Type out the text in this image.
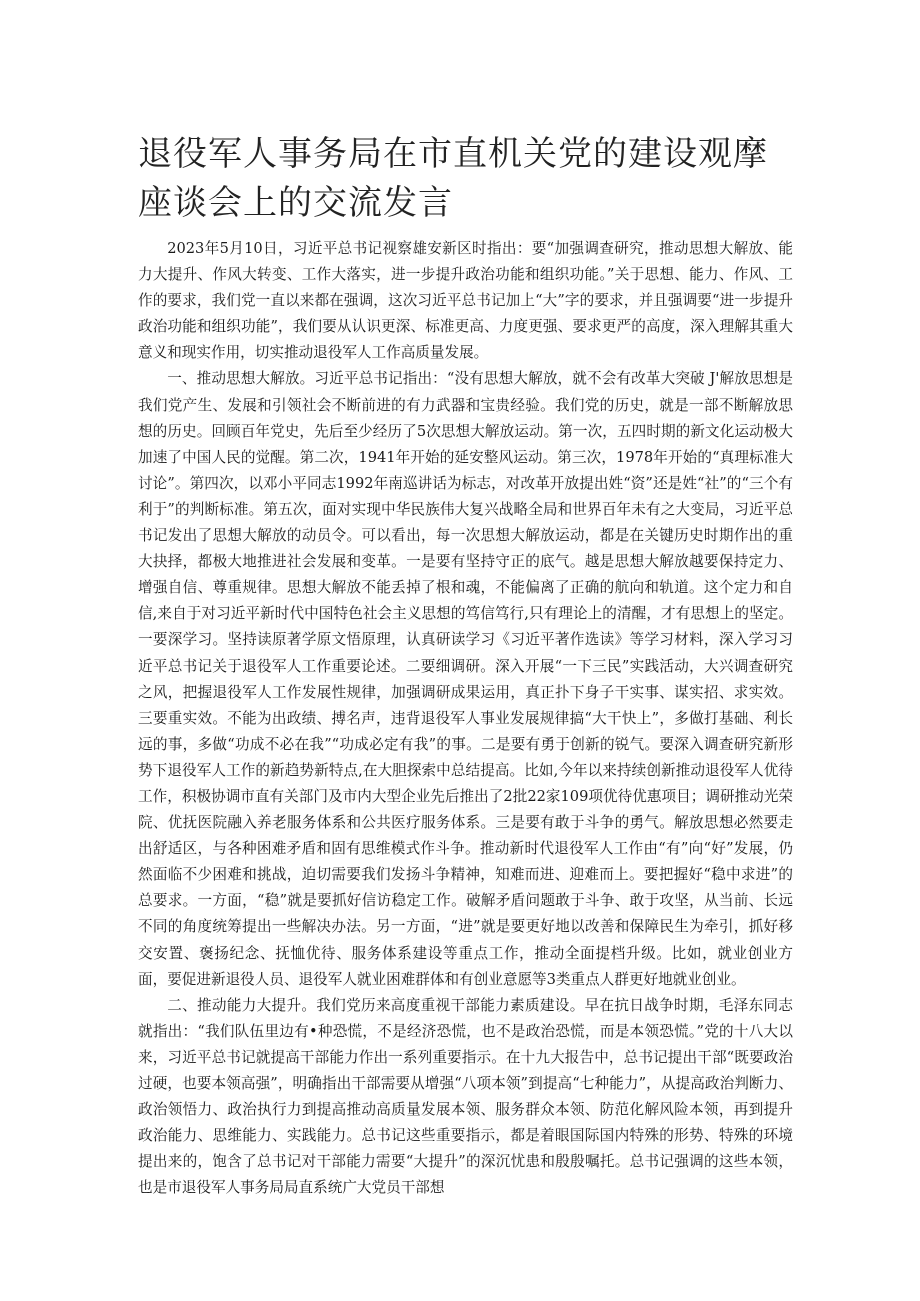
退役军人事务局在市直机关党的建设观摩座谈会上的交流发言

2023年5月10日，习近平总书记视察雄安新区时指出：要“加强调查研究，推动思想大解放、能力大提升、作风大转变、工作大落实，进一步提升政治功能和组织功能。”关于思想、能力、作风、工作的要求，我们党一直以来都在强调，这次习近平总书记加上“大”字的要求，并且强调要“进一步提升政治功能和组织功能”，我们要从认识更深、标准更高、力度更强、要求更严的高度，深入理解其重大意义和现实作用，切实推动退役军人工作高质量发展。

一、推动思想大解放。习近平总书记指出：“没有思想大解放，就不会有改革大突破 J'解放思想是我们党产生、发展和引领社会不断前进的有力武器和宝贵经验。我们党的历史，就是一部不断解放思想的历史。回顾百年党史，先后至少经历了5次思想大解放运动。第一次，五四时期的新文化运动极大加速了中国人民的觉醒。第二次，1941年开始的延安整风运动。第三次，1978年开始的“真理标准大讨论”。第四次，以邓小平同志1992年南巡讲话为标志，对改革开放提出姓“资”还是姓“社”的“三个有利于”的判断标准。第五次，面对实现中华民族伟大复兴战略全局和世界百年未有之大变局，习近平总书记发出了思想大解放的动员令。可以看出，每一次思想大解放运动，都是在关键历史时期作出的重大抉择，都极大地推进社会发展和变革。一是要有坚持守正的底气。越是思想大解放越要保持定力、增强自信、尊重规律。思想大解放不能丢掉了根和魂，不能偏离了正确的航向和轨道。这个定力和自信,来自于对习近平新时代中国特色社会主义思想的笃信笃行,只有理论上的清醒，才有思想上的坚定。一要深学习。坚持读原著学原文悟原理，认真研读学习《习近平著作选读》等学习材料，深入学习习近平总书记关于退役军人工作重要论述。二要细调研。深入开展“一下三民”实践活动，大兴调查研究之风，把握退役军人工作发展性规律，加强调研成果运用，真正扑下身子干实事、谋实招、求实效。三要重实效。不能为出政绩、搏名声，违背退役军人事业发展规律搞“大干快上”，多做打基础、利长远的事，多做“功成不必在我”“功成必定有我”的事。二是要有勇于创新的锐气。要深入调查研究新形势下退役军人工作的新趋势新特点,在大胆探索中总结提高。比如,今年以来持续创新推动退役军人优待工作，积极协调市直有关部门及市内大型企业先后推出了2批22家109项优待优惠项目；调研推动光荣院、优抚医院融入养老服务体系和公共医疗服务体系。三是要有敢于斗争的勇气。解放思想必然要走出舒适区，与各种困难矛盾和固有思维模式作斗争。推动新时代退役军人工作由“有”向“好”发展，仍然面临不少困难和挑战，迫切需要我们发扬斗争精神，知难而进、迎难而上。要把握好“稳中求进”的总要求。一方面，“稳”就是要抓好信访稳定工作。破解矛盾问题敢于斗争、敢于攻坚，从当前、长远不同的角度统筹提出一些解决办法。另一方面，“进”就是要更好地以改善和保障民生为牵引，抓好移交安置、褒扬纪念、抚恤优待、服务体系建设等重点工作，推动全面提档升级。比如，就业创业方面，要促进新退役人员、退役军人就业困难群体和有创业意愿等3类重点人群更好地就业创业。

二、推动能力大提升。我们党历来高度重视干部能力素质建设。早在抗日战争时期，毛泽东同志就指出：“我们队伍里边有•种恐慌，不是经济恐慌，也不是政治恐慌，而是本领恐慌。”党的十八大以来，习近平总书记就提高干部能力作出一系列重要指示。在十九大报告中，总书记提出干部“既要政治过硬，也要本领高强”，明确指出干部需要从增强“八项本领”到提高“七种能力”，从提高政治判断力、政治领悟力、政治执行力到提高推动高质量发展本领、服务群众本领、防范化解风险本领，再到提升政治能力、思维能力、实践能力。总书记这些重要指示，都是着眼国际国内特殊的形势、特殊的环境提出来的，饱含了总书记对干部能力需要“大提升”的深沉忧患和殷殷嘱托。总书记强调的这些本领，也是市退役军人事务局局直系统广大党员干部想
